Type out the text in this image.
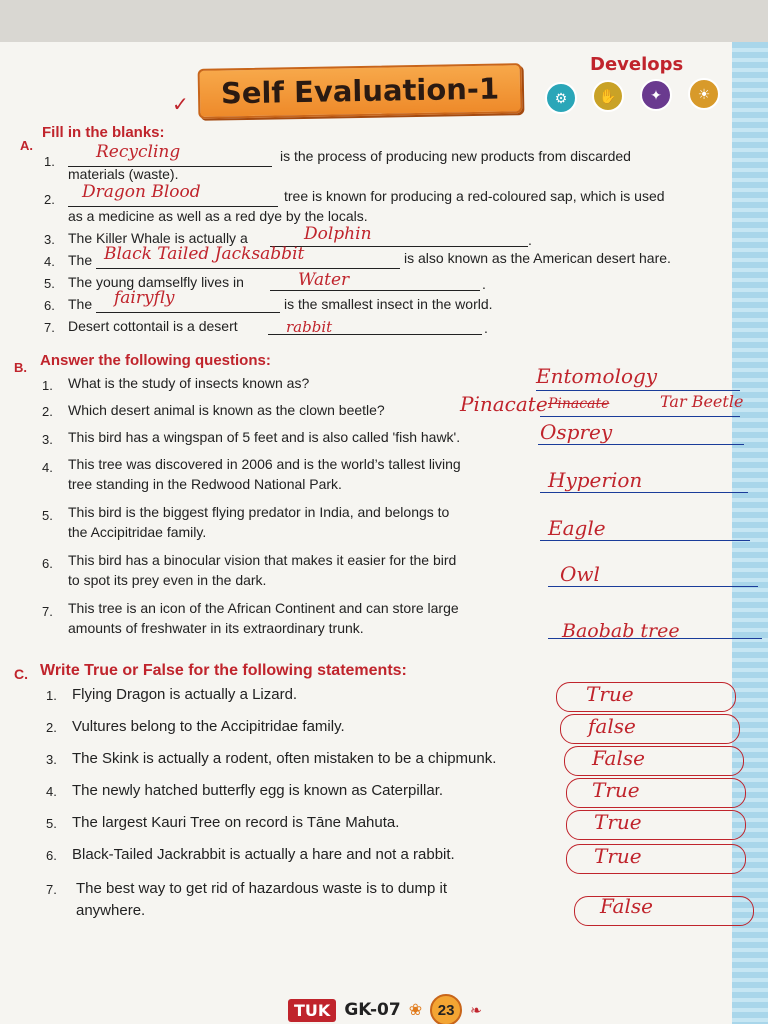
✓	Self Evaluation-1
Develops
⚙	✋	✦	☀
A.
Fill in the blanks:
1. Recycling	is the process of producing new products from discarded
materials (waste).
2. Dragon Blood	tree is known for producing a red-coloured sap, which is used
as a medicine as well as a red dye by the locals.
3. The Killer Whale is actually a	Dolphin	.
4. The Black Tailed Jacksabbit	is also known as the American desert hare.
5. The young damselfly lives in	Water	.
6. The fairyfly	is the smallest insect in the world.
7. Desert cottontail is a desert	rabbit	.
B. Answer the following questions:
1. What is the study of insects known as?	Entomology
2. Which desert animal is known as the clown beetle?	Pinacate Pinacate	Tar Beetle
3. This bird has a wingspan of 5 feet and is also called 'fish hawk'.	Osprey
4. This tree was discovered in 2006 and is the world’s tallest living
tree standing in the Redwood National Park.	Hyperion
5. This bird is the biggest flying predator in India, and belongs to
the Accipitridae family.	Eagle
6. This bird has a binocular vision that makes it easier for the bird
to spot its prey even in the dark.	Owl
7. This tree is an icon of the African Continent and can store large
amounts of freshwater in its extraordinary trunk.	Baobab tree
C. Write True or False for the following statements:
1. Flying Dragon is actually a Lizard.	True
2. Vultures belong to the Accipitridae family.	false
3. The Skink is actually a rodent, often mistaken to be a chipmunk.	False
4. The newly hatched butterfly egg is known as Caterpillar.	True
5. The largest Kauri Tree on record is Tāne Mahuta.	True
6. Black-Tailed Jackrabbit is actually a hare and not a rabbit.	True
7. The best way to get rid of hazardous waste is to dump it
anywhere.	False
TUK GK-07 ❀	23	❧
